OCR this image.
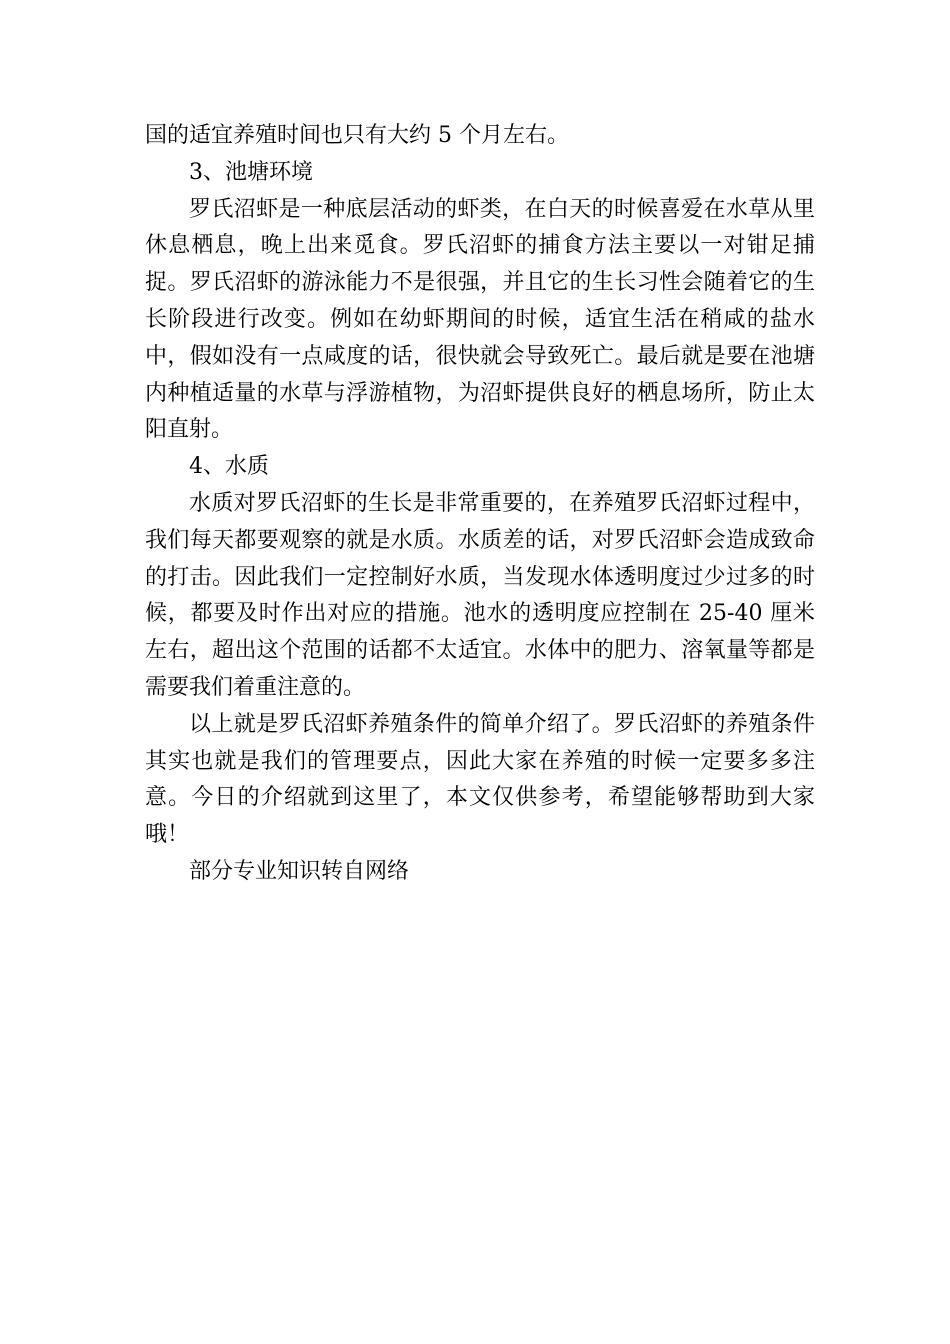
国的适宜养殖时间也只有大约 5 个月左右。

3、池塘环境

罗氏沼虾是一种底层活动的虾类，在白天的时候喜爱在水草从里休息栖息，晚上出来觅食。罗氏沼虾的捕食方法主要以一对钳足捕捉。罗氏沼虾的游泳能力不是很强，并且它的生长习性会随着它的生长阶段进行改变。例如在幼虾期间的时候，适宜生活在稍咸的盐水中，假如没有一点咸度的话，很快就会导致死亡。最后就是要在池塘内种植适量的水草与浮游植物，为沼虾提供良好的栖息场所，防止太阳直射。

4、水质

水质对罗氏沼虾的生长是非常重要的，在养殖罗氏沼虾过程中，我们每天都要观察的就是水质。水质差的话，对罗氏沼虾会造成致命的打击。因此我们一定控制好水质，当发现水体透明度过少过多的时候，都要及时作出对应的措施。池水的透明度应控制在 25-40 厘米左右，超出这个范围的话都不太适宜。水体中的肥力、溶氧量等都是需要我们着重注意的。

以上就是罗氏沼虾养殖条件的简单介绍了。罗氏沼虾的养殖条件其实也就是我们的管理要点，因此大家在养殖的时候一定要多多注意。今日的介绍就到这里了，本文仅供参考，希望能够帮助到大家哦！

部分专业知识转自网络
